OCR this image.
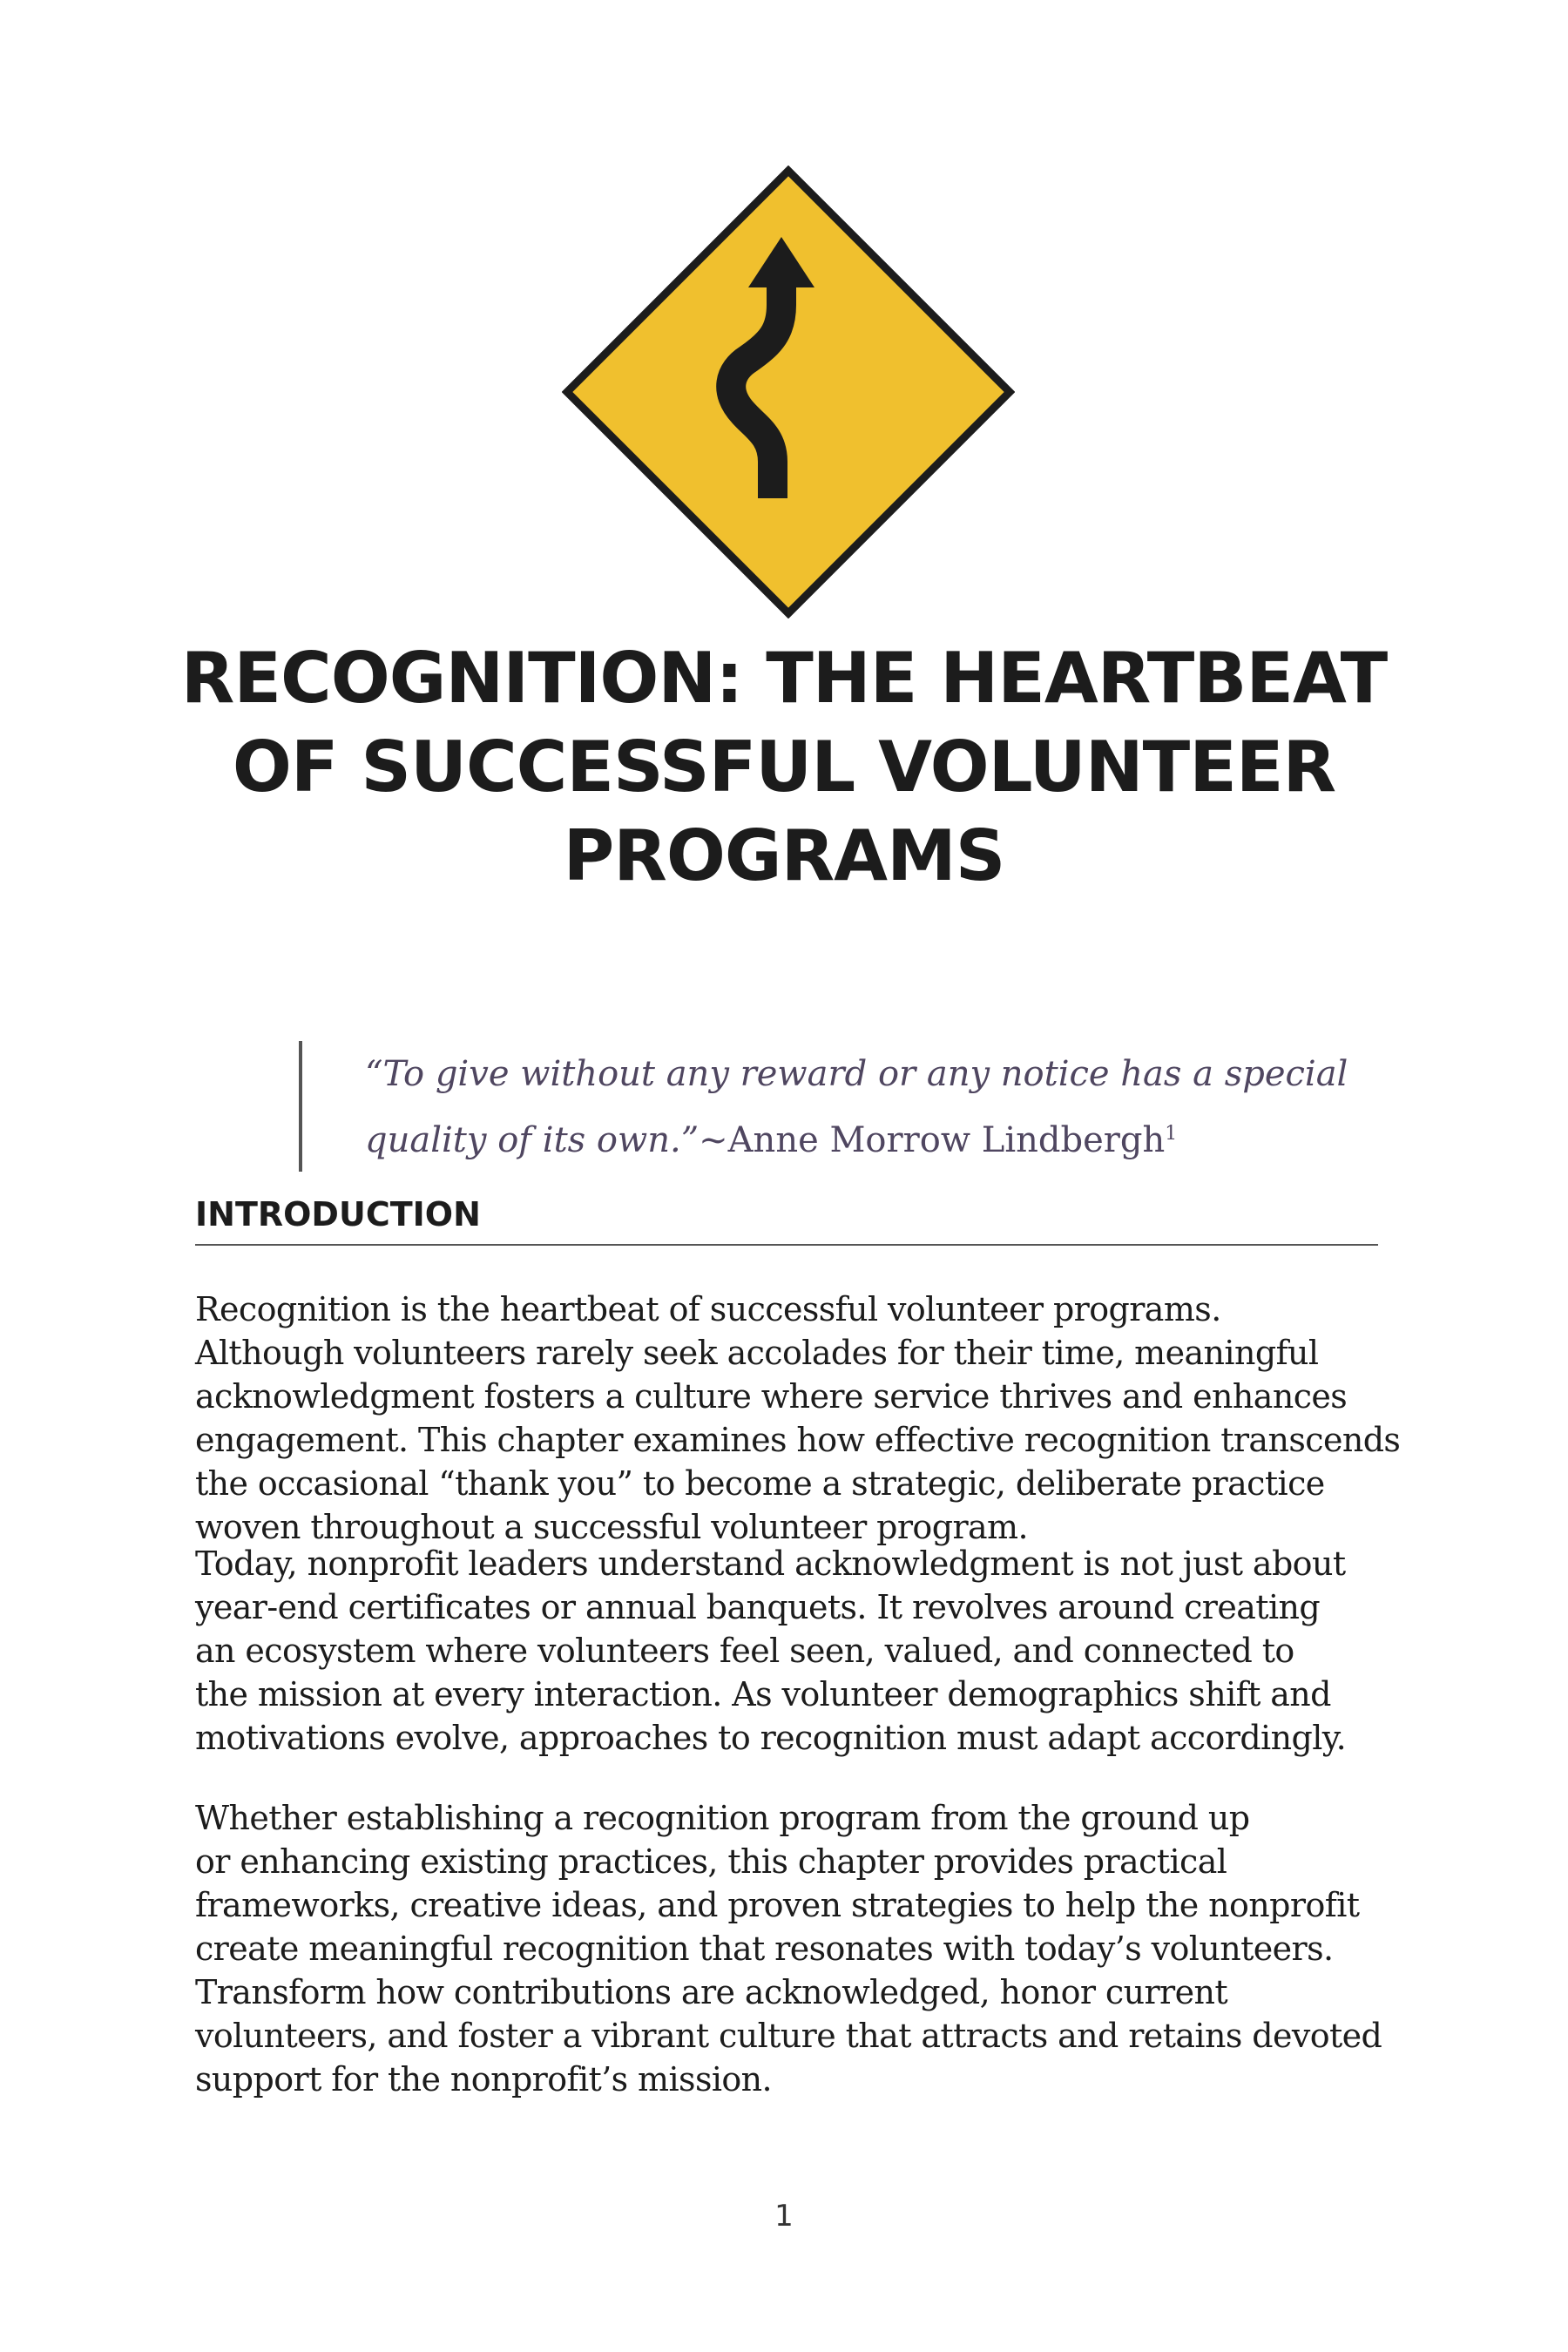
RECOGNITION: THE HEARTBEAT
OF SUCCESSFUL VOLUNTEER
PROGRAMS
“To give without any reward or any notice has a special
quality of its own.”~Anne Morrow Lindbergh$^1$
INTRODUCTION

Recognition is the heartbeat of successful volunteer programs.
Although volunteers rarely seek accolades for their time, meaningful
acknowledgment fosters a culture where service thrives and enhances
engagement. This chapter examines how effective recognition transcends
the occasional “thank you” to become a strategic, deliberate practice
woven throughout a successful volunteer program.

Today, nonprofit leaders understand acknowledgment is not just about
year-end certificates or annual banquets. It revolves around creating
an ecosystem where volunteers feel seen, valued, and connected to
the mission at every interaction. As volunteer demographics shift and
motivations evolve, approaches to recognition must adapt accordingly.

Whether establishing a recognition program from the ground up
or enhancing existing practices, this chapter provides practical
frameworks, creative ideas, and proven strategies to help the nonprofit
create meaningful recognition that resonates with today’s volunteers.
Transform how contributions are acknowledged, honor current
volunteers, and foster a vibrant culture that attracts and retains devoted
support for the nonprofit’s mission.

1
